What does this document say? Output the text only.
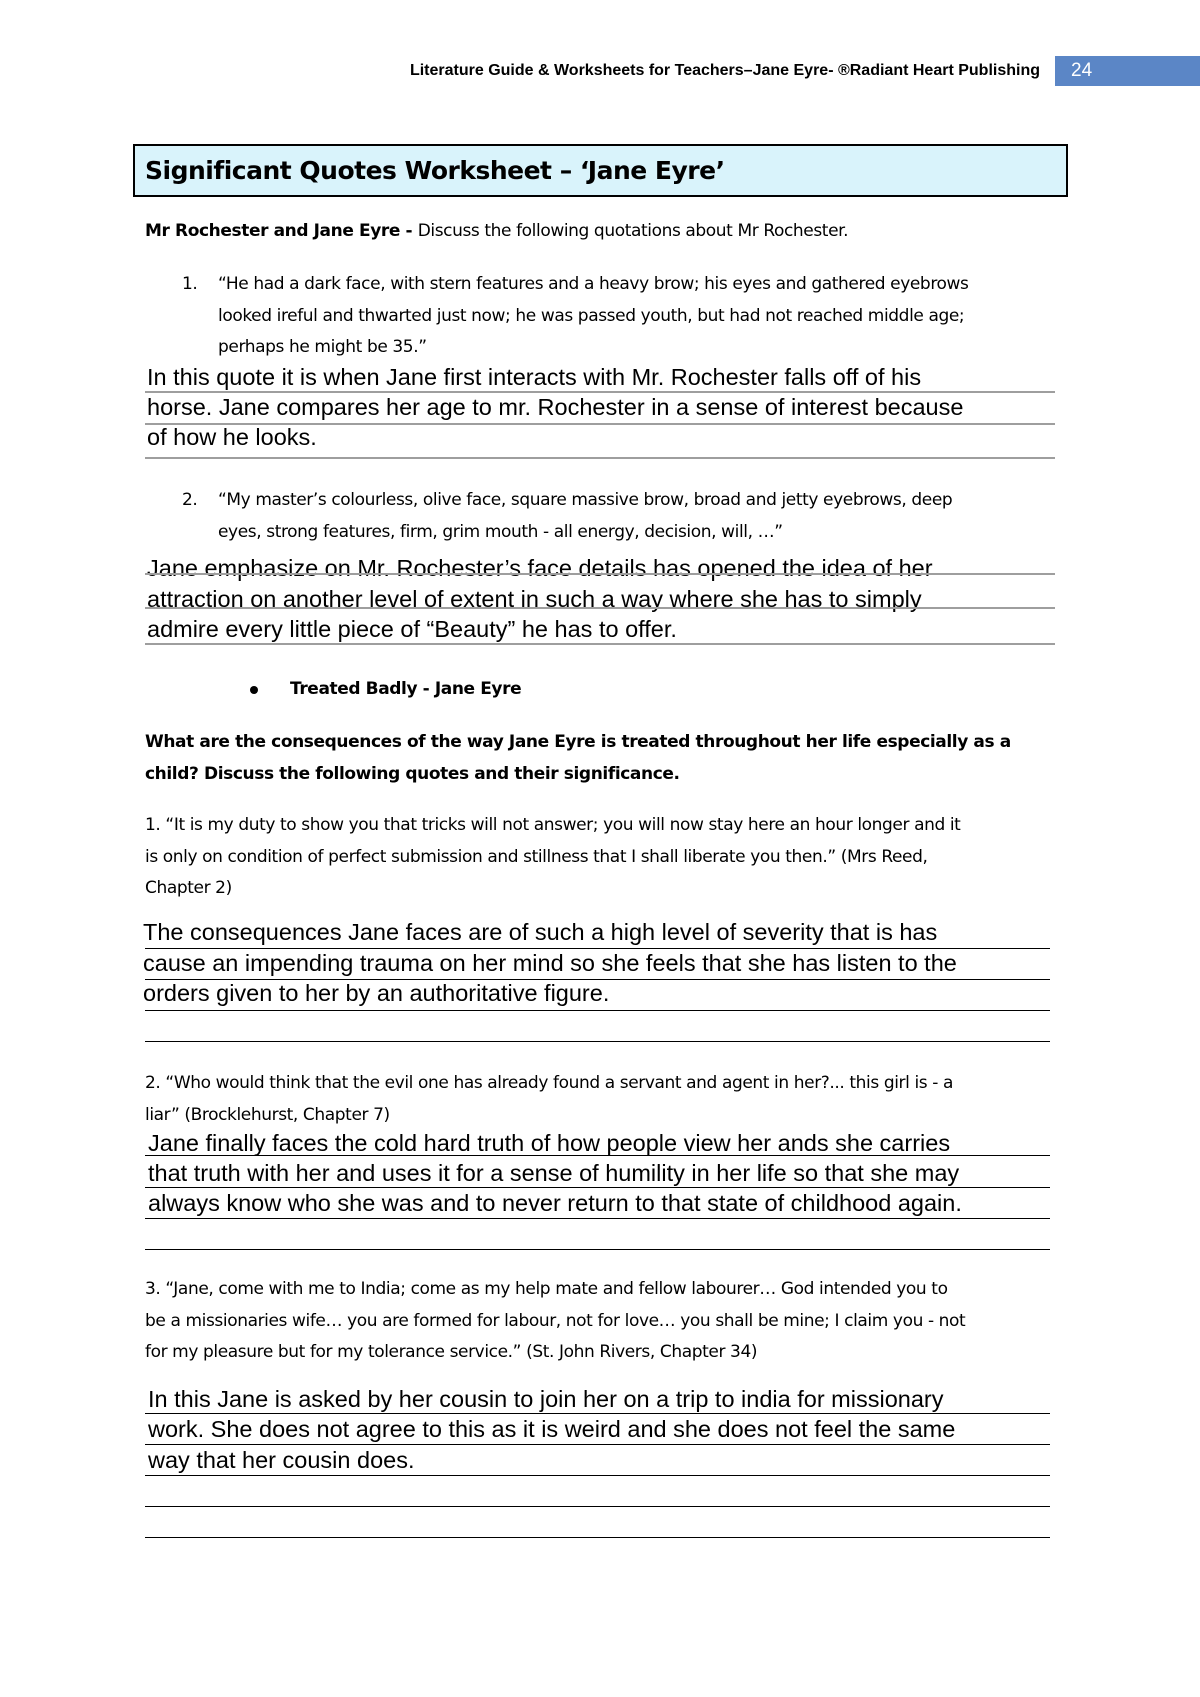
Literature Guide & Worksheets for Teachers–Jane Eyre- ®Radiant Heart Publishing 24
Significant Quotes Worksheet – ‘Jane Eyre’
Mr Rochester and Jane Eyre - Discuss the following quotations about Mr Rochester.
1. “He had a dark face, with stern features and a heavy brow; his eyes and gathered eyebrows
looked ireful and thwarted just now; he was passed youth, but had not reached middle age;
perhaps he might be 35.”
In this quote it is when Jane first interacts with Mr. Rochester falls off of his
horse. Jane compares her age to mr. Rochester in a sense of interest because
of how he looks.
2. “My master’s colourless, olive face, square massive brow, broad and jetty eyebrows, deep
eyes, strong features, firm, grim mouth - all energy, decision, will, …”
Jane emphasize on Mr. Rochester’s face details has opened the idea of her
attraction on another level of extent in such a way where she has to simply
admire every little piece of “Beauty” he has to offer.
Treated Badly - Jane Eyre
What are the consequences of the way Jane Eyre is treated throughout her life especially as a
child? Discuss the following quotes and their significance.
1. “It is my duty to show you that tricks will not answer; you will now stay here an hour longer and it
is only on condition of perfect submission and stillness that I shall liberate you then.” (Mrs Reed,
Chapter 2)
The consequences Jane faces are of such a high level of severity that is has
cause an impending trauma on her mind so she feels that she has listen to the
orders given to her by an authoritative figure.
2. “Who would think that the evil one has already found a servant and agent in her?... this girl is - a
liar” (Brocklehurst, Chapter 7)
Jane finally faces the cold hard truth of how people view her ands she carries
that truth with her and uses it for a sense of humility in her life so that she may
always know who she was and to never return to that state of childhood again.
3. “Jane, come with me to India; come as my help mate and fellow labourer… God intended you to
be a missionaries wife… you are formed for labour, not for love… you shall be mine; I claim you - not
for my pleasure but for my tolerance service.” (St. John Rivers, Chapter 34)
In this Jane is asked by her cousin to join her on a trip to india for missionary
work. She does not agree to this as it is weird and she does not feel the same
way that her cousin does.
